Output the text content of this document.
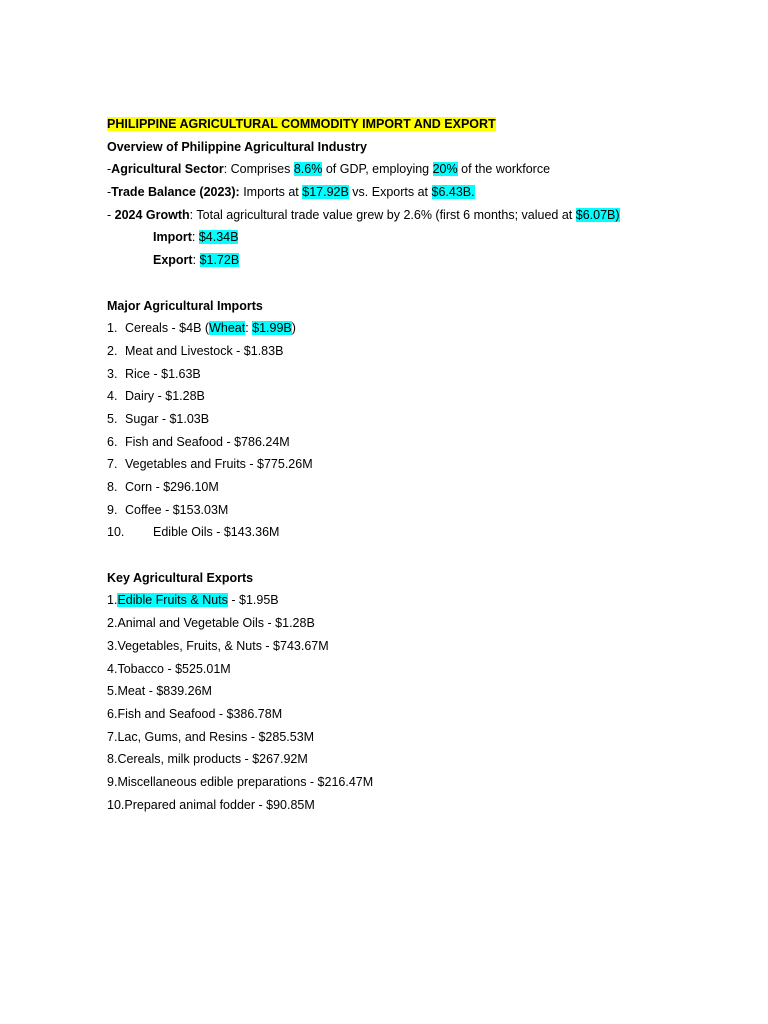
PHILIPPINE AGRICULTURAL COMMODITY IMPORT AND EXPORT
Overview of Philippine Agricultural Industry
-Agricultural Sector: Comprises 8.6% of GDP, employing 20% of the workforce
-Trade Balance (2023): Imports at $17.92B vs. Exports at $6.43B.
- 2024 Growth: Total agricultural trade value grew by 2.6% (first 6 months; valued at $6.07B)
Import: $4.34B
Export: $1.72B
Major Agricultural Imports
1. Cereals - $4B (Wheat: $1.99B)
2. Meat and Livestock - $1.83B
3. Rice - $1.63B
4. Dairy - $1.28B
5. Sugar - $1.03B
6. Fish and Seafood - $786.24M
7. Vegetables and Fruits - $775.26M
8. Corn - $296.10M
9. Coffee - $153.03M
10. Edible Oils - $143.36M
Key Agricultural Exports
1.Edible Fruits & Nuts - $1.95B
2.Animal and Vegetable Oils - $1.28B
3.Vegetables, Fruits, & Nuts - $743.67M
4.Tobacco - $525.01M
5.Meat - $839.26M
6.Fish and Seafood - $386.78M
7.Lac, Gums, and Resins - $285.53M
8.Cereals, milk products - $267.92M
9.Miscellaneous edible preparations - $216.47M
10.Prepared animal fodder - $90.85M
